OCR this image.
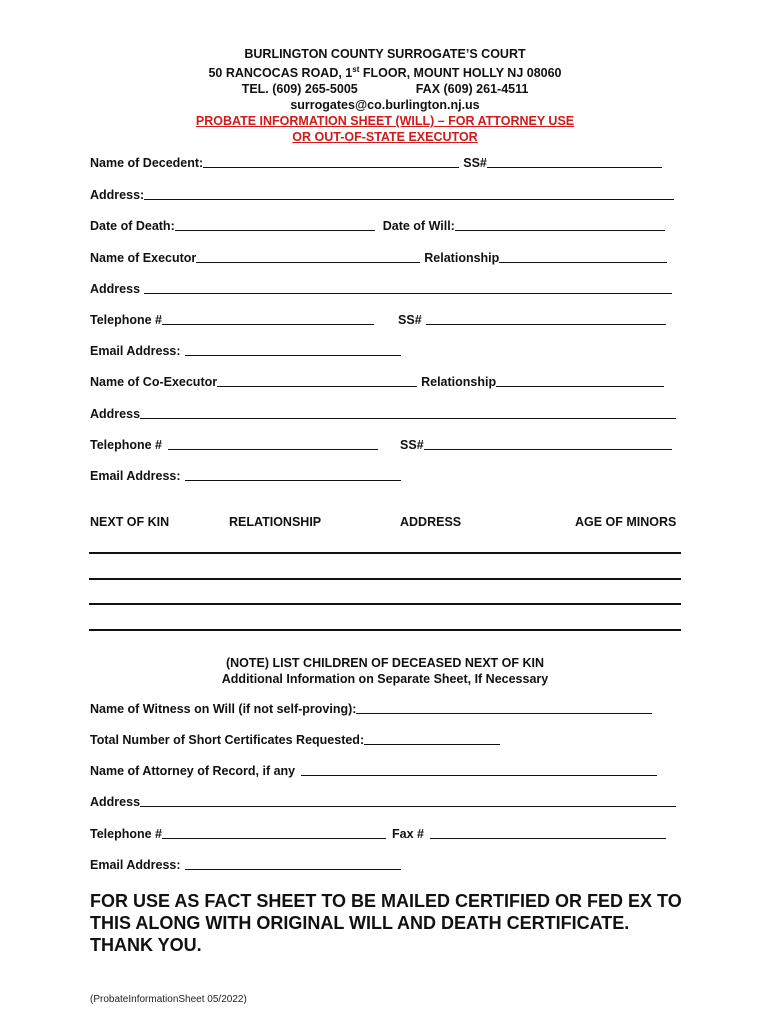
BURLINGTON COUNTY SURROGATE’S COURT
50 RANCOCAS ROAD, 1st FLOOR, MOUNT HOLLY NJ 08060
TEL. (609) 265-5005	FAX (609) 261-4511
surrogates@co.burlington.nj.us
PROBATE INFORMATION SHEET (WILL) – FOR ATTORNEY USE
OR OUT-OF-STATE EXECUTOR
Name of Decedent:	SS#
Address:
Date of Death:	Date of Will:
Name of Executor	Relationship
Address
Telephone #	SS#
Email Address:
Name of Co-Executor	Relationship
Address
Telephone #	SS#
Email Address:
NEXT OF KIN	RELATIONSHIP	ADDRESS	AGE OF MINORS
(NOTE) LIST CHILDREN OF DECEASED NEXT OF KIN
Additional Information on Separate Sheet, If Necessary
Name of Witness on Will (if not self-proving):
Total Number of Short Certificates Requested:
Name of Attorney of Record, if any
Address
Telephone #	Fax #
Email Address:
FOR USE AS FACT SHEET TO BE MAILED CERTIFIED OR FED EX TO THIS ALONG WITH ORIGINAL WILL AND DEATH CERTIFICATE. THANK YOU.
(ProbateInformationSheet 05/2022)
